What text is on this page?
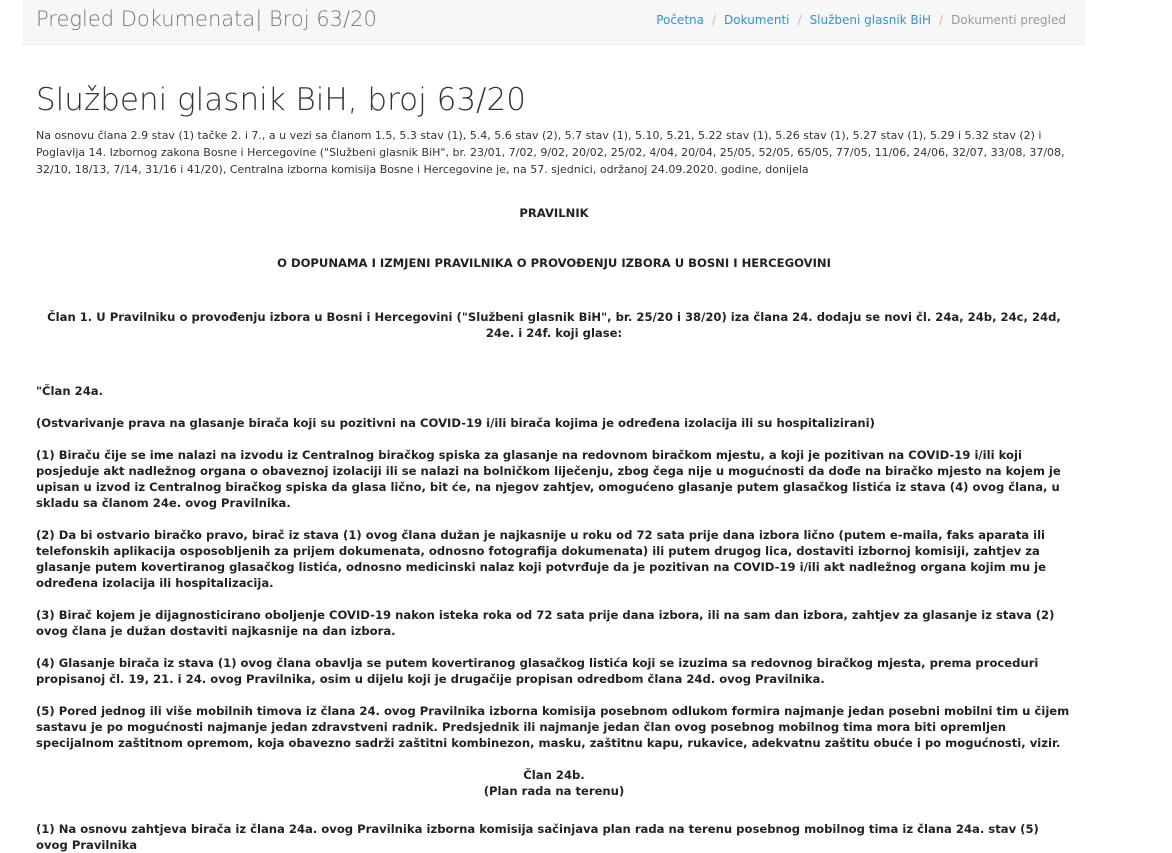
Pregled Dokumenata| Broj 63/20	Početna / Dokumenti / Službeni glasnik BiH / Dokumenti pregled
Službeni glasnik BiH, broj 63/20

Na osnovu člana 2.9 stav (1) tačke 2. i 7., a u vezi sa članom 1.5, 5.3 stav (1), 5.4, 5.6 stav (2), 5.7 stav (1), 5.10, 5.21, 5.22 stav (1), 5.26 stav (1), 5.27 stav (1), 5.29 i 5.32 stav (2) i Poglavlja 14. Izbornog zakona Bosne i Hercegovine ("Službeni glasnik BiH", br. 23/01, 7/02, 9/02, 20/02, 25/02, 4/04, 20/04, 25/05, 52/05, 65/05, 77/05, 11/06, 24/06, 32/07, 33/08, 37/08, 32/10, 18/13, 7/14, 31/16 i 41/20), Centralna izborna komisija Bosne i Hercegovine je, na 57. sjednici, održanoj 24.09.2020. godine, donijela

PRAVILNIK

O DOPUNAMA I IZMJENI PRAVILNIKA O PROVOĐENJU IZBORA U BOSNI I HERCEGOVINI

Član 1. U Pravilniku o provođenju izbora u Bosni i Hercegovini ("Službeni glasnik BiH", br. 25/20 i 38/20) iza člana 24. dodaju se novi čl. 24a, 24b, 24c, 24d, 24e. i 24f. koji glase:

"Član 24a.

(Ostvarivanje prava na glasanje birača koji su pozitivni na COVID-19 i/ili birača kojima je određena izolacija ili su hospitalizirani)

(1) Biraču čije se ime nalazi na izvodu iz Centralnog biračkog spiska za glasanje na redovnom biračkom mjestu, a koji je pozitivan na COVID-19 i/ili koji posjeduje akt nadležnog organa o obaveznoj izolaciji ili se nalazi na bolničkom liječenju, zbog čega nije u mogućnosti da dođe na biračko mjesto na kojem je upisan u izvod iz Centralnog biračkog spiska da glasa lično, bit će, na njegov zahtjev, omogućeno glasanje putem glasačkog listića iz stava (4) ovog člana, u skladu sa članom 24e. ovog Pravilnika.

(2) Da bi ostvario biračko pravo, birač iz stava (1) ovog člana dužan je najkasnije u roku od 72 sata prije dana izbora lično (putem e-maila, faks aparata ili telefonskih aplikacija osposobljenih za prijem dokumenata, odnosno fotografija dokumenata) ili putem drugog lica, dostaviti izbornoj komisiji, zahtjev za glasanje putem kovertiranog glasačkog listića, odnosno medicinski nalaz koji potvrđuje da je pozitivan na COVID-19 i/ili akt nadležnog organa kojim mu je određena izolacija ili hospitalizacija.

(3) Birač kojem je dijagnosticirano oboljenje COVID-19 nakon isteka roka od 72 sata prije dana izbora, ili na sam dan izbora, zahtjev za glasanje iz stava (2) ovog člana je dužan dostaviti najkasnije na dan izbora.

(4) Glasanje birača iz stava (1) ovog člana obavlja se putem kovertiranog glasačkog listića koji se izuzima sa redovnog biračkog mjesta, prema proceduri propisanoj čl. 19, 21. i 24. ovog Pravilnika, osim u dijelu koji je drugačije propisan odredbom člana 24d. ovog Pravilnika.

(5) Pored jednog ili više mobilnih timova iz člana 24. ovog Pravilnika izborna komisija posebnom odlukom formira najmanje jedan posebni mobilni tim u čijem sastavu je po mogućnosti najmanje jedan zdravstveni radnik. Predsjednik ili najmanje jedan član ovog posebnog mobilnog tima mora biti opremljen specijalnom zaštitnom opremom, koja obavezno sadrži zaštitni kombinezon, masku, zaštitnu kapu, rukavice, adekvatnu zaštitu obuće i po mogućnosti, vizir.

Član 24b.

(Plan rada na terenu)

(1) Na osnovu zahtjeva birača iz člana 24a. ovog Pravilnika izborna komisija sačinjava plan rada na terenu posebnog mobilnog tima iz člana 24a. stav (5) ovog Pravilnika
